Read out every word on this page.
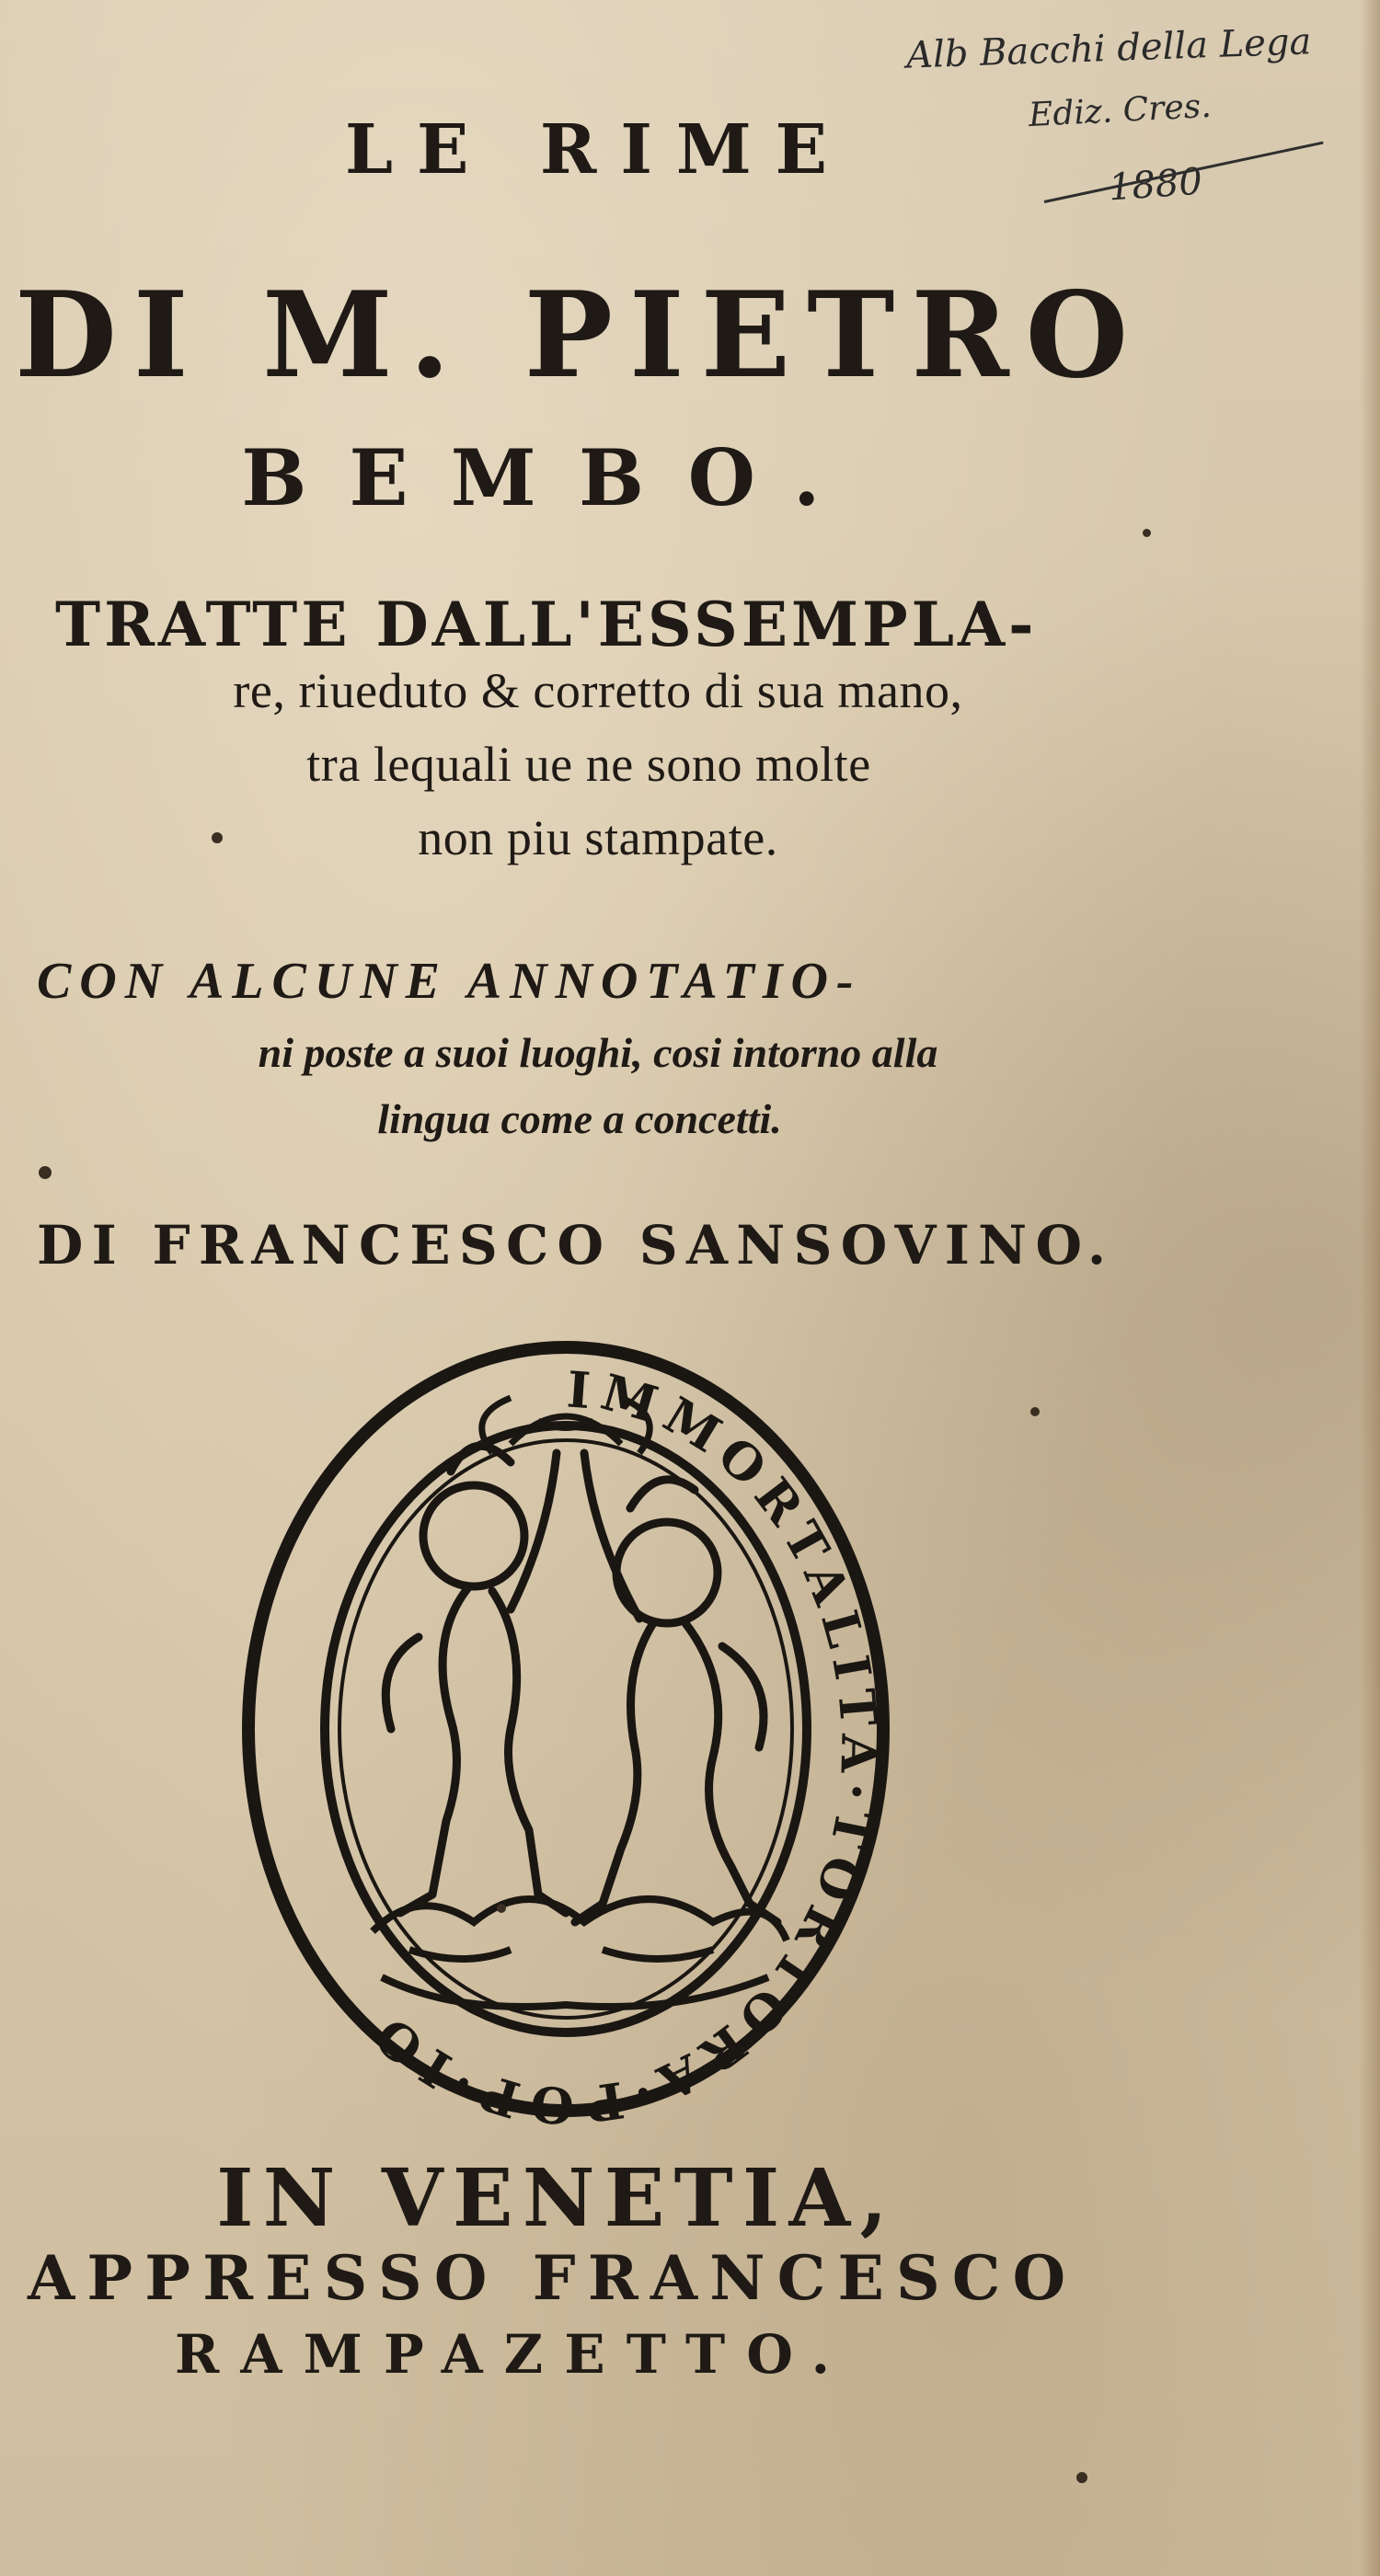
Alb Bacchi della Lega
Ediz. Cres.
1880
LE RIME
DI M. PIETRO
BEMBO.
TRATTE DALL'ESSEMPLA-
re, riueduto & corretto di sua mano,
tra lequali ue ne sono molte
non piu stampate.
CON ALCUNE ANNOTATIO-
ni poste a suoi luoghi, cosi intorno alla
lingua come a concetti.
DI FRANCESCO SANSOVINO.
IMMORTALITA·TORTORA·POP·IO
IN VENETIA,
APPRESSO FRANCESCO
RAMPAZETTO.
